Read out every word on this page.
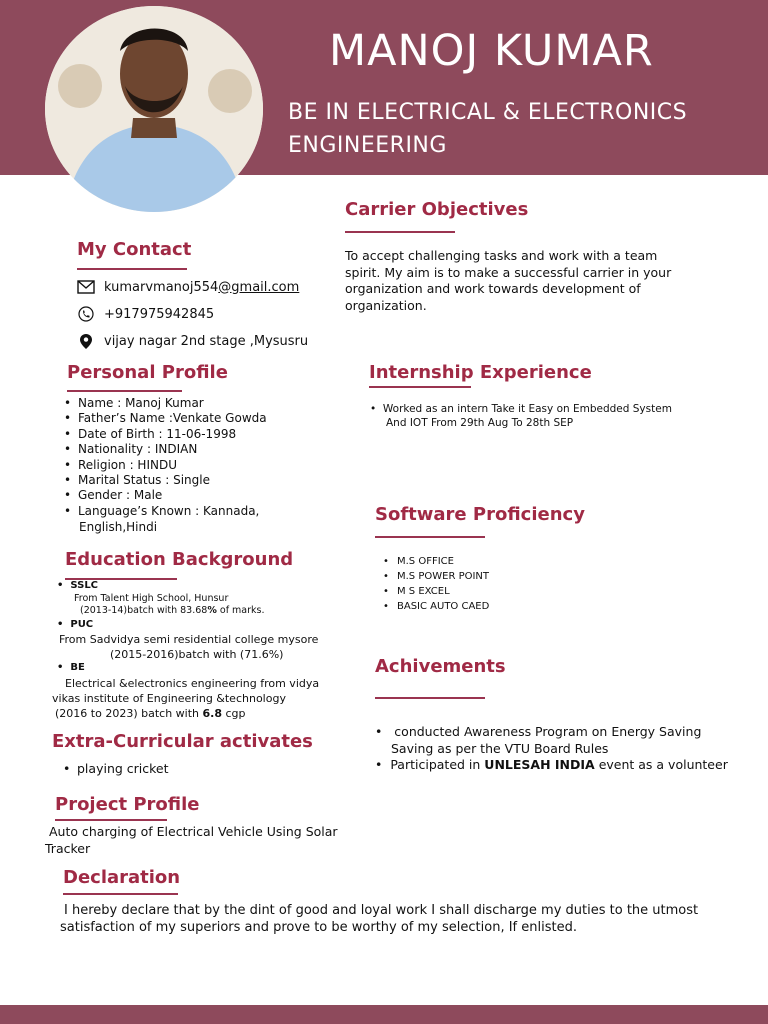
MANOJ KUMAR
BE IN ELECTRICAL & ELECTRONICS ENGINEERING
Carrier Objectives
To accept challenging tasks and work with a team spirit. My aim is to make a successful carrier in your organization and work towards development of organization.
My Contact
kumarvmanoj554@gmail.com
+917975942845
vijay nagar 2nd stage ,Mysusru
Personal Profile
• Name : Manoj Kumar
• Father’s Name :Venkate Gowda
• Date of Birth : 11-06-1998
• Nationality : INDIAN
• Religion : HINDU
• Marital Status : Single
• Gender : Male
• Language’s Known : Kannada,
English,Hindi
Internship Experience
•  Worked as an intern Take it Easy on Embedded System
And IOT From 29th Aug To 28th SEP
Software Proficiency
• M.S OFFICE
• M.S POWER POINT
• M S EXCEL
• BASIC AUTO CAED
Education Background
•  SSLC
From Talent High School, Hunsur
(2013-14)batch with 83.68% of marks.
•  PUC
From Sadvidya semi residential college mysore
(2015-2016)batch with (71.6%)
•  BE
Electrical &electronics engineering from vidya
vikas institute of Engineering &technology
(2016 to 2023) batch with 6.8 cgp
Achivements
•   conducted Awareness Program on Energy Saving
Saving as per the VTU Board Rules
•  Participated in UNLESAH INDIA event as a volunteer
Extra-Curricular activates
• playing cricket
Project Profile
Auto charging of Electrical Vehicle Using Solar
Tracker
Declaration
I hereby declare that by the dint of good and loyal work I shall discharge my duties to the utmost
satisfaction of my superiors and prove to be worthy of my selection, If enlisted.
